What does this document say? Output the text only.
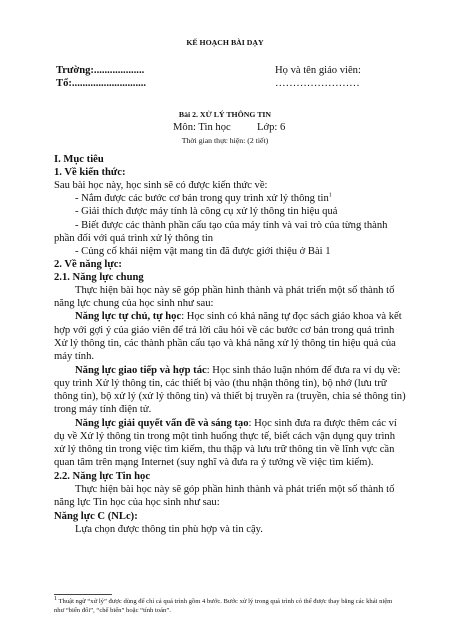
KẾ HOẠCH BÀI DẠY
Trường:...................
Tổ:............................
Họ và tên giáo viên:
……………………
Bài 2. XỬ LÝ THÔNG TIN
Môn: Tin học Lớp: 6
Thời gian thực hiện: (2 tiết)
I. Mục tiêu
1. Về kiến thức:
Sau bài học này, học sinh sẽ có được kiến thức về:
- Nắm được các bước cơ bản trong quy trình xử lý thông tin$^1$
- Giải thích được máy tính là công cụ xử lý thông tin hiệu quả
- Biết được các thành phần cấu tạo của máy tính và vai trò của từng thành
phần đối với quá trình xử lý thông tin
- Củng cố khái niệm vật mang tin đã được giới thiệu ở Bài 1
2. Về năng lực:
2.1. Năng lực chung
Thực hiện bài học này sẽ góp phần hình thành và phát triển một số thành tố
năng lực chung của học sinh như sau:
Năng lực tự chủ, tự học: Học sinh có khả năng tự đọc sách giáo khoa và kết
hợp với gợi ý của giáo viên để trả lời câu hỏi về các bước cơ bản trong quá trình
Xử lý thông tin, các thành phần cấu tạo và khả năng xử lý thông tin hiệu quả của
máy tính.
Năng lực giao tiếp và hợp tác: Học sinh thảo luận nhóm để đưa ra ví dụ về:
quy trình Xử lý thông tin, các thiết bị vào (thu nhận thông tin), bộ nhớ (lưu trữ
thông tin), bộ xử lý (xử lý thông tin) và thiết bị truyền ra (truyền, chia sẻ thông tin)
trong máy tính điện tử.
Năng lực giải quyết vấn đề và sáng tạo: Học sinh đưa ra được thêm các ví
dụ về Xử lý thông tin trong một tình huống thực tế, biết cách vận dụng quy trình
xử lý thông tin trong việc tìm kiếm, thu thập và lưu trữ thông tin về lĩnh vực cần
quan tâm trên mạng Internet (suy nghĩ và đưa ra ý tưởng về việc tìm kiếm).
2.2. Năng lực Tin học
Thực hiện bài học này sẽ góp phần hình thành và phát triển một số thành tố
năng lực Tin học của học sinh như sau:
Năng lực C (NLc):
Lựa chọn được thông tin phù hợp và tin cậy.
$^1$ Thuật ngữ “xử lý” được dùng để chỉ cả quá trình gồm 4 bước. Bước xử lý trong quá trình có thể được thay bằng các khái niệm như “biến đổi”, “chế biến” hoặc “tính toán”.
